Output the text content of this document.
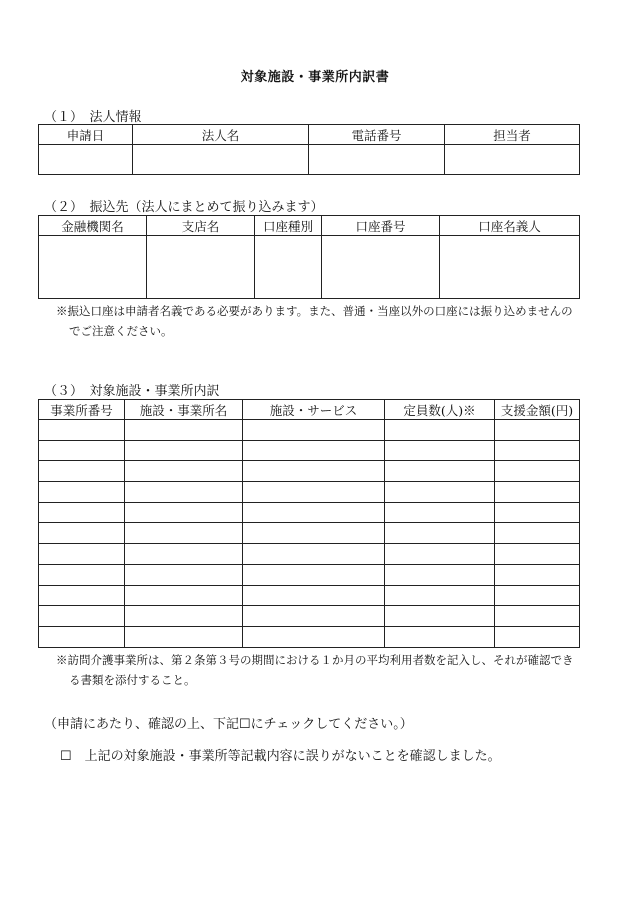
対象施設・事業所内訳書
（１）　法人情報
申請日	法人名	電話番号	担当者

（２）　振込先（法人にまとめて振り込みます）
金融機関名	支店名	口座種別	口座番号	口座名義人

※振込口座は申請者名義である必要があります。また、普通・当座以外の口座には振り込めませんの
でご注意ください。
（３）　対象施設・事業所内訳
事業所番号	施設・事業所名	施設・サービス	定員数(人)※	支援金額(円)

※訪問介護事業所は、第２条第３号の期間における１か月の平均利用者数を記入し、それが確認でき
る書類を添付すること。
（申請にあたり、確認の上、下記☐にチェックしてください。）
☐　上記の対象施設・事業所等記載内容に誤りがないことを確認しました。
